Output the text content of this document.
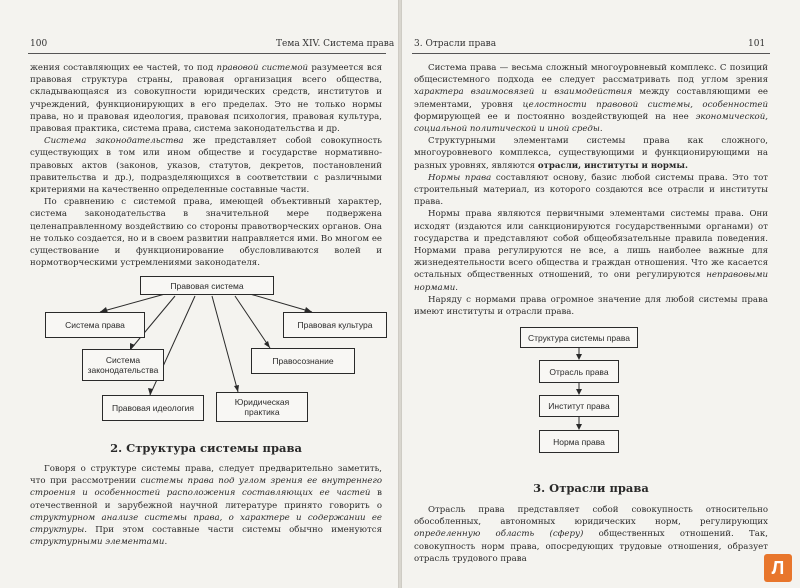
100	Тема XIV. Система права

жения составляющих ее частей, то под правовой системой разумеется вся правовая структура страны, правовая организация всего общества, складывающаяся из совокупности юридических средств, институтов и учреждений, функционирующих в его пределах. Это не только нормы права, но и правовая идеология, правовая психология, правовая культура, правовая практика, система права, система законодательства и др.

Система законодательства же представляет собой совокупность существующих в том или ином обществе и государстве нормативно-правовых актов (законов, указов, статутов, декретов, постановлений правительства и др.), подразделяющихся в соответствии с различными критериями на качественно определенные составные части.

По сравнению с системой права, имеющей объективный характер, система законодательства в значительной мере подвержена целенаправленному воздействию со стороны правотворческих органов. Она не только создается, но и в своем развитии направляется ими. Во многом ее существование и функционирование обусловливаются волей и нормотворческими устремлениями законодателя.

Правовая система
Система права	Правовая культура
Система законодательства
Правосознание
Правовая идеология
Юридическая практика
2. Структура системы права

Говоря о структуре системы права, следует предварительно заметить, что при рассмотрении системы права под углом зрения ее внутреннего строения и особенностей расположения составляющих ее частей в отечественной и зарубежной научной литературе принято говорить о структурном анализе системы права, о характере и содержании ее структуры. При этом составные части системы обычно именуются структурными элементами.

3. Отрасли права	101

Система права — весьма сложный многоуровневый комплекс. С позиций общесистемного подхода ее следует рассматривать под углом зрения характера взаимосвязей и взаимодействия между составляющими ее элементами, уровня целостности правовой системы, особенностей формирующей ее и постоянно воздействующей на нее экономической, социальной политической и иной среды.

Структурными элементами системы права как сложного, многоуровневого комплекса, существующими и функционирующими на разных уровнях, являются отрасли, институты и нормы.

Нормы права составляют основу, базис любой системы права. Это тот строительный материал, из которого создаются все отрасли и институты права.

Нормы права являются первичными элементами системы права. Они исходят (издаются или санкционируются государственными органами) от государства и представляют собой общеобязательные правила поведения. Нормами права регулируются не все, а лишь наиболее важные для жизнедеятельности всего общества и граждан отношения. Что же касается остальных общественных отношений, то они регулируются неправовыми нормами.

Наряду с нормами права огромное значение для любой системы права имеют институты и отрасли права.

Структура системы права
Отрасль права
Институт права
Норма права
3. Отрасли права

Отрасль права представляет собой совокупность относительно обособленных, автономных юридических норм, регулирующих определенную область (сферу) общественных отношений. Так, совокупность норм права, опосредующих трудовые отношения, образует отрасль трудового права	Л
